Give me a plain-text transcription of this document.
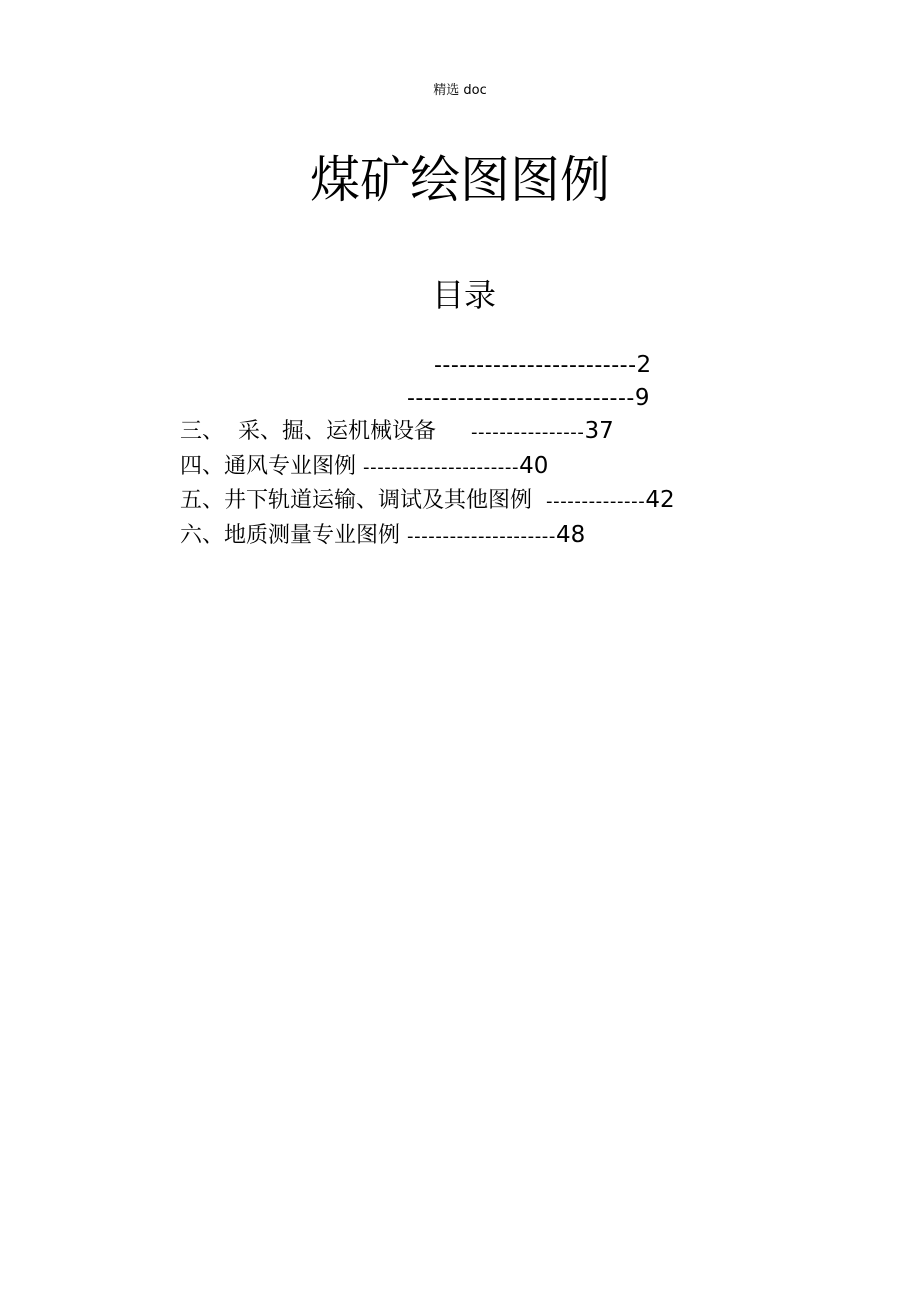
精选 doc
煤矿绘图图例
目录

------------------------2

---------------------------9

三、  采、掘、运机械设备 ----------------37

四、通风专业图例 ----------------------40

五、井下轨道运输、调试及其他图例 --------------42

六、地质测量专业图例 ---------------------48
